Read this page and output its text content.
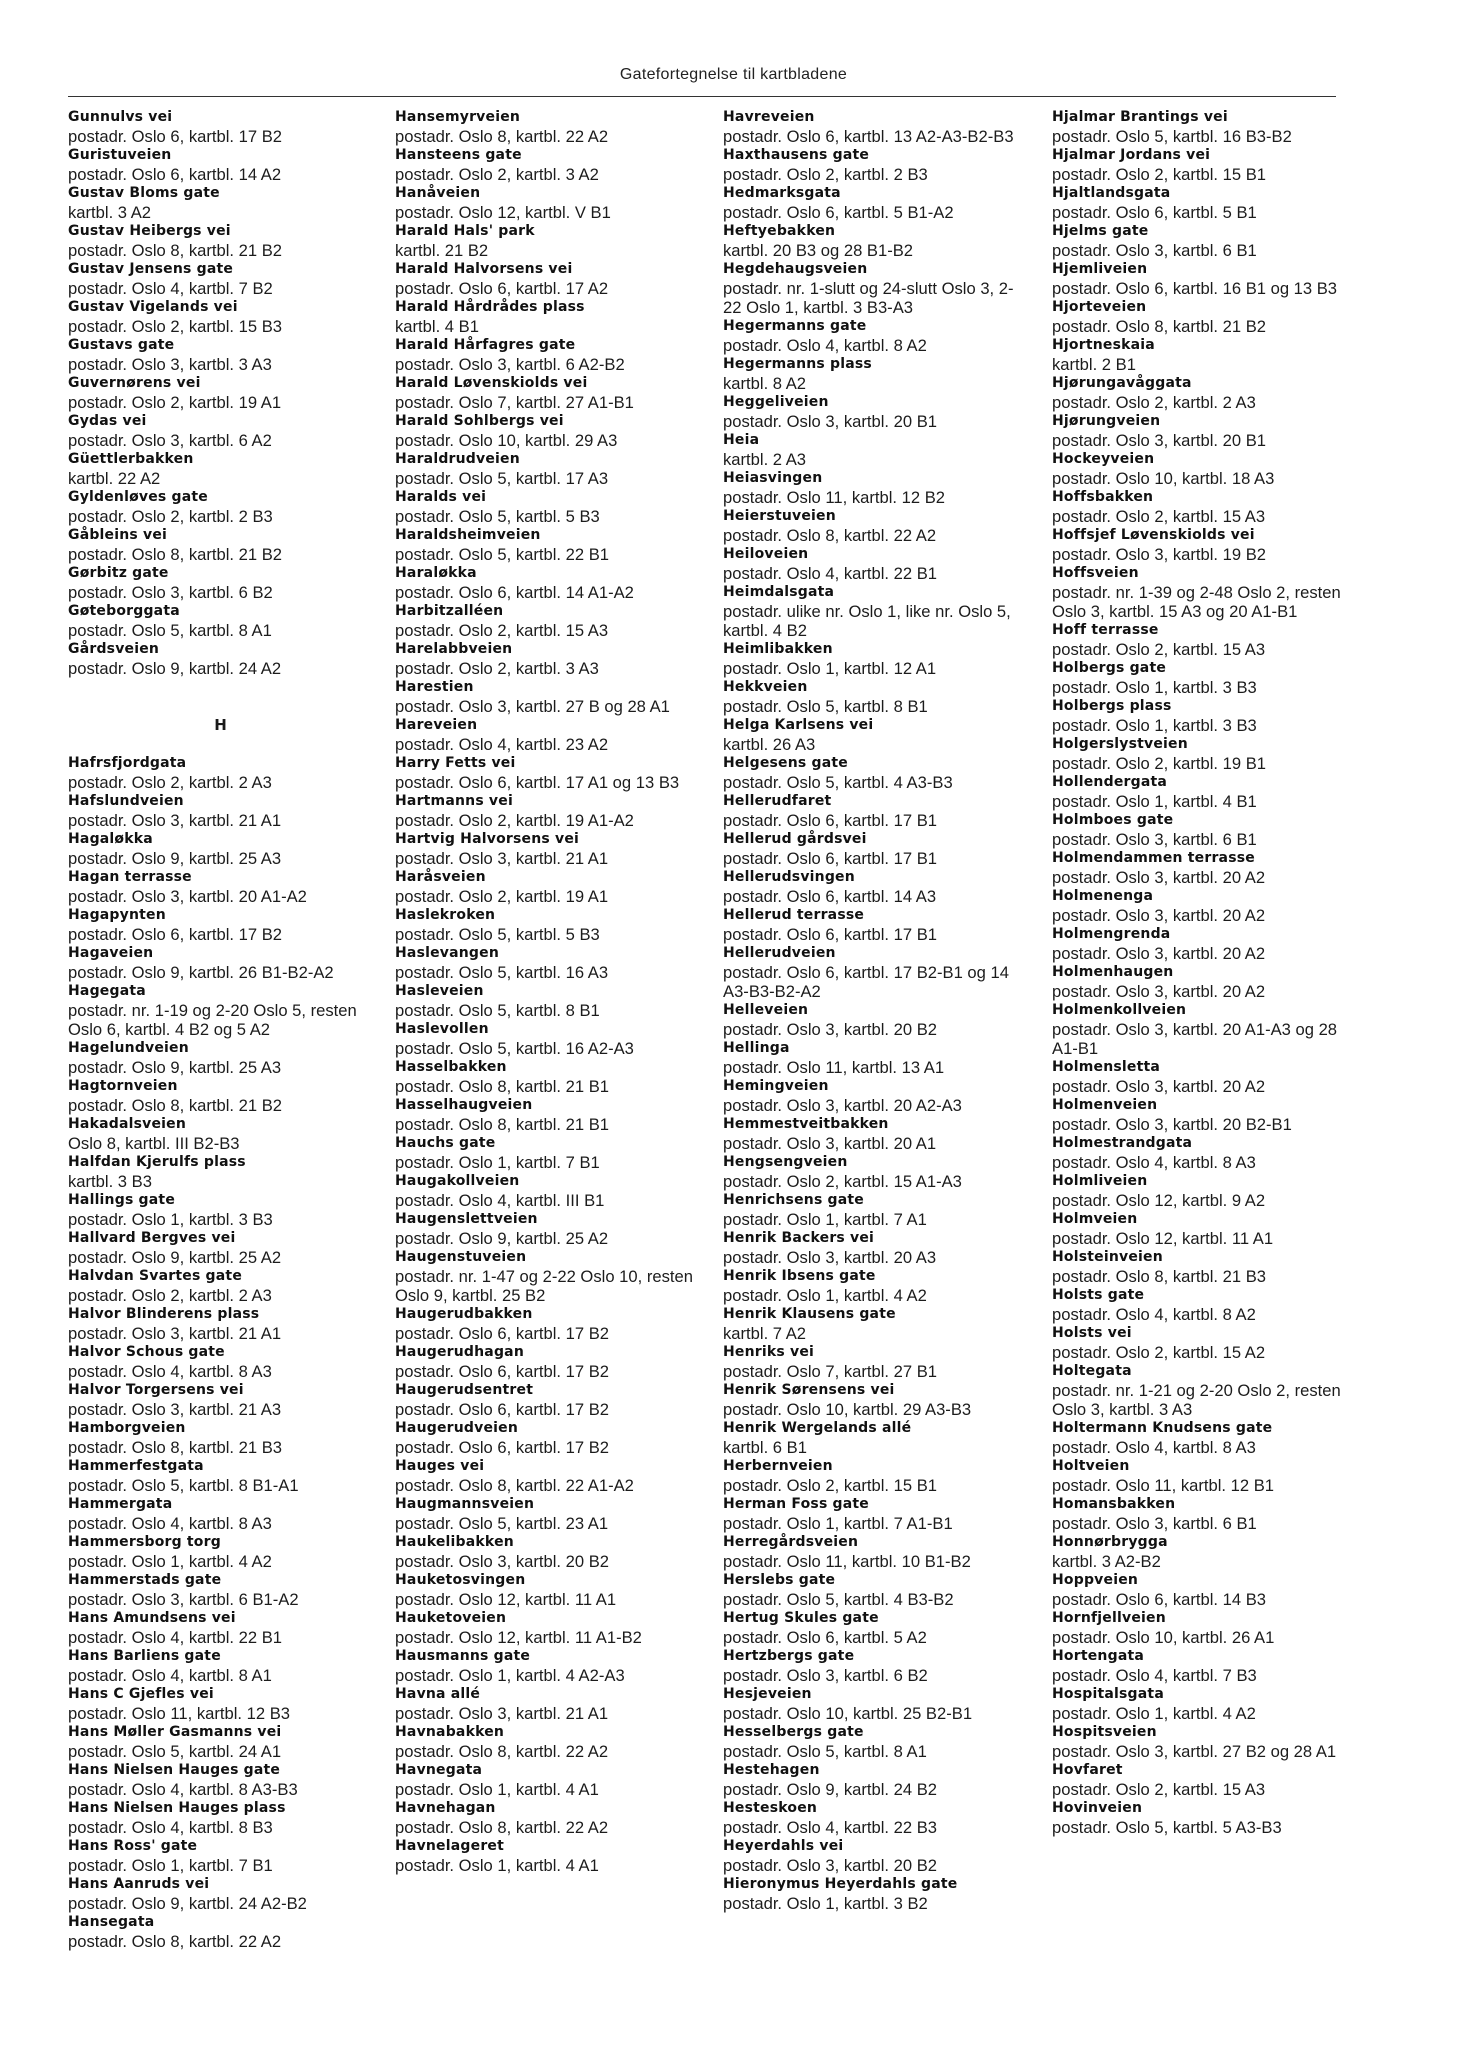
Gatefortegnelse til kartbladene
Gunnulvs vei
postadr. Oslo 6, kartbl. 17 B2
Guristuveien
postadr. Oslo 6, kartbl. 14 A2
Gustav Bloms gate
kartbl. 3 A2
Gustav Heibergs vei
postadr. Oslo 8, kartbl. 21 B2
Gustav Jensens gate
postadr. Oslo 4, kartbl. 7 B2
Gustav Vigelands vei
postadr. Oslo 2, kartbl. 15 B3
Gustavs gate
postadr. Oslo 3, kartbl. 3 A3
Guvernørens vei
postadr. Oslo 2, kartbl. 19 A1
Gydas vei
postadr. Oslo 3, kartbl. 6 A2
Güettlerbakken
kartbl. 22 A2
Gyldenløves gate
postadr. Oslo 2, kartbl. 2 B3
Gåbleins vei
postadr. Oslo 8, kartbl. 21 B2
Gørbitz gate
postadr. Oslo 3, kartbl. 6 B2
Gøteborggata
postadr. Oslo 5, kartbl. 8 A1
Gårdsveien
postadr. Oslo 9, kartbl. 24 A2
H
Hafrsfjordgata
postadr. Oslo 2, kartbl. 2 A3
Hafslundveien
postadr. Oslo 3, kartbl. 21 A1
Hagaløkka
postadr. Oslo 9, kartbl. 25 A3
Hagan terrasse
postadr. Oslo 3, kartbl. 20 A1-A2
Hagapynten
postadr. Oslo 6, kartbl. 17 B2
Hagaveien
postadr. Oslo 9, kartbl. 26 B1-B2-A2
Hagegata
postadr. nr. 1-19 og 2-20 Oslo 5, resten Oslo 6, kartbl. 4 B2 og 5 A2
Hagelundveien
postadr. Oslo 9, kartbl. 25 A3
Hagtornveien
postadr. Oslo 8, kartbl. 21 B2
Hakadalsveien
Oslo 8, kartbl. III B2-B3
Halfdan Kjerulfs plass
kartbl. 3 B3
Hallings gate
postadr. Oslo 1, kartbl. 3 B3
Hallvard Bergves vei
postadr. Oslo 9, kartbl. 25 A2
Halvdan Svartes gate
postadr. Oslo 2, kartbl. 2 A3
Halvor Blinderens plass
postadr. Oslo 3, kartbl. 21 A1
Halvor Schous gate
postadr. Oslo 4, kartbl. 8 A3
Halvor Torgersens vei
postadr. Oslo 3, kartbl. 21 A3
Hamborgveien
postadr. Oslo 8, kartbl. 21 B3
Hammerfestgata
postadr. Oslo 5, kartbl. 8 B1-A1
Hammergata
postadr. Oslo 4, kartbl. 8 A3
Hammersborg torg
postadr. Oslo 1, kartbl. 4 A2
Hammerstads gate
postadr. Oslo 3, kartbl. 6 B1-A2
Hans Amundsens vei
postadr. Oslo 4, kartbl. 22 B1
Hans Barliens gate
postadr. Oslo 4, kartbl. 8 A1
Hans C Gjefles vei
postadr. Oslo 11, kartbl. 12 B3
Hans Møller Gasmanns vei
postadr. Oslo 5, kartbl. 24 A1
Hans Nielsen Hauges gate
postadr. Oslo 4, kartbl. 8 A3-B3
Hans Nielsen Hauges plass
postadr. Oslo 4, kartbl. 8 B3
Hans Ross' gate
postadr. Oslo 1, kartbl. 7 B1
Hans Aanruds vei
postadr. Oslo 9, kartbl. 24 A2-B2
Hansegata
postadr. Oslo 8, kartbl. 22 A2
Hansemyrveien
postadr. Oslo 8, kartbl. 22 A2
Hansteens gate
postadr. Oslo 2, kartbl. 3 A2
Hanåveien
postadr. Oslo 12, kartbl. V B1
Harald Hals' park
kartbl. 21 B2
Harald Halvorsens vei
postadr. Oslo 6, kartbl. 17 A2
Harald Hårdrådes plass
kartbl. 4 B1
Harald Hårfagres gate
postadr. Oslo 3, kartbl. 6 A2-B2
Harald Løvenskiolds vei
postadr. Oslo 7, kartbl. 27 A1-B1
Harald Sohlbergs vei
postadr. Oslo 10, kartbl. 29 A3
Haraldrudveien
postadr. Oslo 5, kartbl. 17 A3
Haralds vei
postadr. Oslo 5, kartbl. 5 B3
Haraldsheimveien
postadr. Oslo 5, kartbl. 22 B1
Haraløkka
postadr. Oslo 6, kartbl. 14 A1-A2
Harbitzalléen
postadr. Oslo 2, kartbl. 15 A3
Harelabbveien
postadr. Oslo 2, kartbl. 3 A3
Harestien
postadr. Oslo 3, kartbl. 27 B og 28 A1
Hareveien
postadr. Oslo 4, kartbl. 23 A2
Harry Fetts vei
postadr. Oslo 6, kartbl. 17 A1 og 13 B3
Hartmanns vei
postadr. Oslo 2, kartbl. 19 A1-A2
Hartvig Halvorsens vei
postadr. Oslo 3, kartbl. 21 A1
Haråsveien
postadr. Oslo 2, kartbl. 19 A1
Haslekroken
postadr. Oslo 5, kartbl. 5 B3
Haslevangen
postadr. Oslo 5, kartbl. 16 A3
Hasleveien
postadr. Oslo 5, kartbl. 8 B1
Haslevollen
postadr. Oslo 5, kartbl. 16 A2-A3
Hasselbakken
postadr. Oslo 8, kartbl. 21 B1
Hasselhaugveien
postadr. Oslo 8, kartbl. 21 B1
Hauchs gate
postadr. Oslo 1, kartbl. 7 B1
Haugakollveien
postadr. Oslo 4, kartbl. III B1
Haugenslettveien
postadr. Oslo 9, kartbl. 25 A2
Haugenstuveien
postadr. nr. 1-47 og 2-22 Oslo 10, resten Oslo 9, kartbl. 25 B2
Haugerudbakken
postadr. Oslo 6, kartbl. 17 B2
Haugerudhagan
postadr. Oslo 6, kartbl. 17 B2
Haugerudsentret
postadr. Oslo 6, kartbl. 17 B2
Haugerudveien
postadr. Oslo 6, kartbl. 17 B2
Hauges vei
postadr. Oslo 8, kartbl. 22 A1-A2
Haugmannsveien
postadr. Oslo 5, kartbl. 23 A1
Haukelibakken
postadr. Oslo 3, kartbl. 20 B2
Hauketosvingen
postadr. Oslo 12, kartbl. 11 A1
Hauketoveien
postadr. Oslo 12, kartbl. 11 A1-B2
Hausmanns gate
postadr. Oslo 1, kartbl. 4 A2-A3
Havna allé
postadr. Oslo 3, kartbl. 21 A1
Havnabakken
postadr. Oslo 8, kartbl. 22 A2
Havnegata
postadr. Oslo 1, kartbl. 4 A1
Havnehagan
postadr. Oslo 8, kartbl. 22 A2
Havnelageret
postadr. Oslo 1, kartbl. 4 A1
Havreveien
postadr. Oslo 6, kartbl. 13 A2-A3-B2-B3
Haxthausens gate
postadr. Oslo 2, kartbl. 2 B3
Hedmarksgata
postadr. Oslo 6, kartbl. 5 B1-A2
Heftyebakken
kartbl. 20 B3 og 28 B1-B2
Hegdehaugsveien
postadr. nr. 1-slutt og 24-slutt Oslo 3, 2-22 Oslo 1, kartbl. 3 B3-A3
Hegermanns gate
postadr. Oslo 4, kartbl. 8 A2
Hegermanns plass
kartbl. 8 A2
Heggeliveien
postadr. Oslo 3, kartbl. 20 B1
Heia
kartbl. 2 A3
Heiasvingen
postadr. Oslo 11, kartbl. 12 B2
Heierstuveien
postadr. Oslo 8, kartbl. 22 A2
Heiloveien
postadr. Oslo 4, kartbl. 22 B1
Heimdalsgata
postadr. ulike nr. Oslo 1, like nr. Oslo 5, kartbl. 4 B2
Heimlibakken
postadr. Oslo 1, kartbl. 12 A1
Hekkveien
postadr. Oslo 5, kartbl. 8 B1
Helga Karlsens vei
kartbl. 26 A3
Helgesens gate
postadr. Oslo 5, kartbl. 4 A3-B3
Hellerudfaret
postadr. Oslo 6, kartbl. 17 B1
Hellerud gårdsvei
postadr. Oslo 6, kartbl. 17 B1
Hellerudsvingen
postadr. Oslo 6, kartbl. 14 A3
Hellerud terrasse
postadr. Oslo 6, kartbl. 17 B1
Hellerudveien
postadr. Oslo 6, kartbl. 17 B2-B1 og 14 A3-B3-B2-A2
Helleveien
postadr. Oslo 3, kartbl. 20 B2
Hellinga
postadr. Oslo 11, kartbl. 13 A1
Hemingveien
postadr. Oslo 3, kartbl. 20 A2-A3
Hemmestveitbakken
postadr. Oslo 3, kartbl. 20 A1
Hengsengveien
postadr. Oslo 2, kartbl. 15 A1-A3
Henrichsens gate
postadr. Oslo 1, kartbl. 7 A1
Henrik Backers vei
postadr. Oslo 3, kartbl. 20 A3
Henrik Ibsens gate
postadr. Oslo 1, kartbl. 4 A2
Henrik Klausens gate
kartbl. 7 A2
Henriks vei
postadr. Oslo 7, kartbl. 27 B1
Henrik Sørensens vei
postadr. Oslo 10, kartbl. 29 A3-B3
Henrik Wergelands allé
kartbl. 6 B1
Herbernveien
postadr. Oslo 2, kartbl. 15 B1
Herman Foss gate
postadr. Oslo 1, kartbl. 7 A1-B1
Herregårdsveien
postadr. Oslo 11, kartbl. 10 B1-B2
Herslebs gate
postadr. Oslo 5, kartbl. 4 B3-B2
Hertug Skules gate
postadr. Oslo 6, kartbl. 5 A2
Hertzbergs gate
postadr. Oslo 3, kartbl. 6 B2
Hesjeveien
postadr. Oslo 10, kartbl. 25 B2-B1
Hesselbergs gate
postadr. Oslo 5, kartbl. 8 A1
Hestehagen
postadr. Oslo 9, kartbl. 24 B2
Hesteskoen
postadr. Oslo 4, kartbl. 22 B3
Heyerdahls vei
postadr. Oslo 3, kartbl. 20 B2
Hieronymus Heyerdahls gate
postadr. Oslo 1, kartbl. 3 B2
Hjalmar Brantings vei
postadr. Oslo 5, kartbl. 16 B3-B2
Hjalmar Jordans vei
postadr. Oslo 2, kartbl. 15 B1
Hjaltlandsgata
postadr. Oslo 6, kartbl. 5 B1
Hjelms gate
postadr. Oslo 3, kartbl. 6 B1
Hjemliveien
postadr. Oslo 6, kartbl. 16 B1 og 13 B3
Hjorteveien
postadr. Oslo 8, kartbl. 21 B2
Hjortneskaia
kartbl. 2 B1
Hjørungavåggata
postadr. Oslo 2, kartbl. 2 A3
Hjørungveien
postadr. Oslo 3, kartbl. 20 B1
Hockeyveien
postadr. Oslo 10, kartbl. 18 A3
Hoffsbakken
postadr. Oslo 2, kartbl. 15 A3
Hoffsjef Løvenskiolds vei
postadr. Oslo 3, kartbl. 19 B2
Hoffsveien
postadr. nr. 1-39 og 2-48 Oslo 2, resten Oslo 3, kartbl. 15 A3 og 20 A1-B1
Hoff terrasse
postadr. Oslo 2, kartbl. 15 A3
Holbergs gate
postadr. Oslo 1, kartbl. 3 B3
Holbergs plass
postadr. Oslo 1, kartbl. 3 B3
Holgerslystveien
postadr. Oslo 2, kartbl. 19 B1
Hollendergata
postadr. Oslo 1, kartbl. 4 B1
Holmboes gate
postadr. Oslo 3, kartbl. 6 B1
Holmendammen terrasse
postadr. Oslo 3, kartbl. 20 A2
Holmenenga
postadr. Oslo 3, kartbl. 20 A2
Holmengrenda
postadr. Oslo 3, kartbl. 20 A2
Holmenhaugen
postadr. Oslo 3, kartbl. 20 A2
Holmenkollveien
postadr. Oslo 3, kartbl. 20 A1-A3 og 28 A1-B1
Holmensletta
postadr. Oslo 3, kartbl. 20 A2
Holmenveien
postadr. Oslo 3, kartbl. 20 B2-B1
Holmestrandgata
postadr. Oslo 4, kartbl. 8 A3
Holmliveien
postadr. Oslo 12, kartbl. 9 A2
Holmveien
postadr. Oslo 12, kartbl. 11 A1
Holsteinveien
postadr. Oslo 8, kartbl. 21 B3
Holsts gate
postadr. Oslo 4, kartbl. 8 A2
Holsts vei
postadr. Oslo 2, kartbl. 15 A2
Holtegata
postadr. nr. 1-21 og 2-20 Oslo 2, resten Oslo 3, kartbl. 3 A3
Holtermann Knudsens gate
postadr. Oslo 4, kartbl. 8 A3
Holtveien
postadr. Oslo 11, kartbl. 12 B1
Homansbakken
postadr. Oslo 3, kartbl. 6 B1
Honnørbrygga
kartbl. 3 A2-B2
Hoppveien
postadr. Oslo 6, kartbl. 14 B3
Hornfjellveien
postadr. Oslo 10, kartbl. 26 A1
Hortengata
postadr. Oslo 4, kartbl. 7 B3
Hospitalsgata
postadr. Oslo 1, kartbl. 4 A2
Hospitsveien
postadr. Oslo 3, kartbl. 27 B2 og 28 A1
Hovfaret
postadr. Oslo 2, kartbl. 15 A3
Hovinveien
postadr. Oslo 5, kartbl. 5 A3-B3
